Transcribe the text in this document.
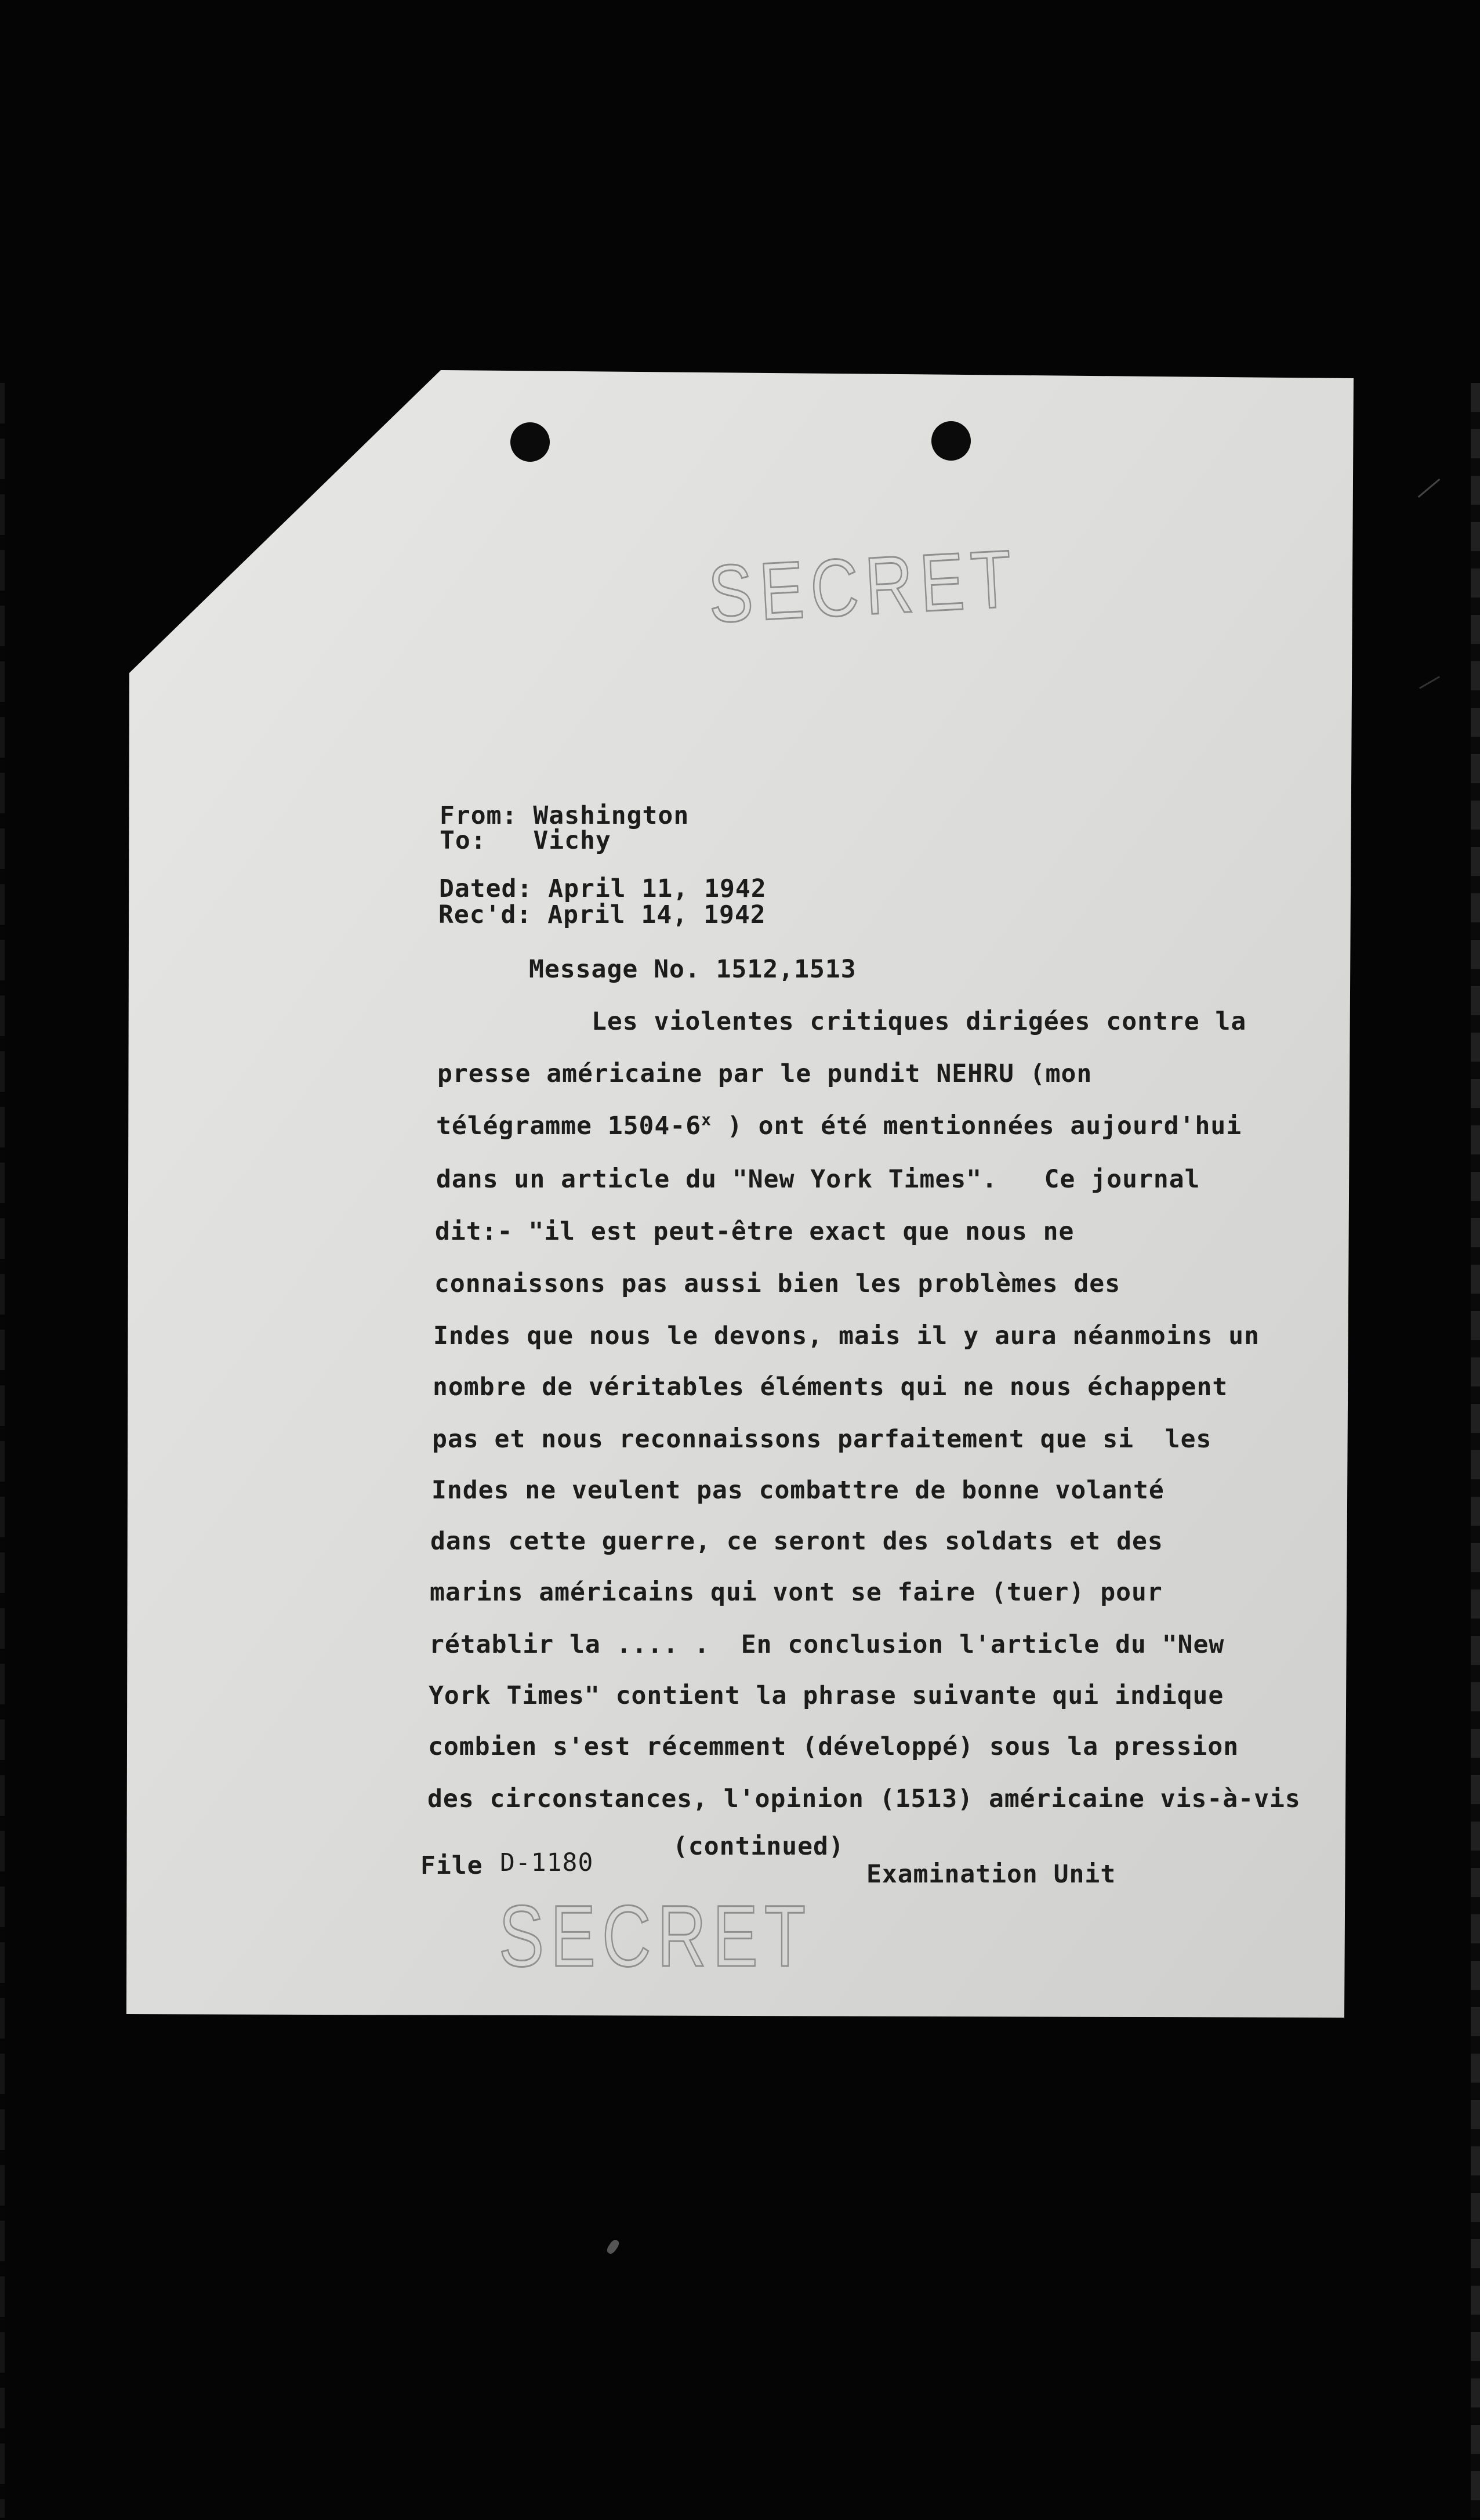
SECRET

From: Washington

To:   Vichy

Dated: April 11, 1942

Rec'd: April 14, 1942

Message No. 1512,1513

Les violentes critiques dirigées contre la

presse américaine par le pundit NEHRU (mon

télégramme 1504-6$^x$ ) ont été mentionnées aujourd'hui

dans un article du "New York Times".   Ce journal

dit:- "il est peut-être exact que nous ne

connaissons pas aussi bien les problèmes des

Indes que nous le devons, mais il y aura néanmoins un

nombre de véritables éléments qui ne nous échappent

pas et nous reconnaissons parfaitement que si  les

Indes ne veulent pas combattre de bonne volanté

dans cette guerre, ce seront des soldats et des

marins américains qui vont se faire (tuer) pour

rétablir la .... .  En conclusion l'article du "New

York Times" contient la phrase suivante qui indique

combien s'est récemment (développé) sous la pression

des circonstances, l'opinion (1513) américaine vis-à-vis

(continued)

File D-1180	Examination Unit

SECRET
